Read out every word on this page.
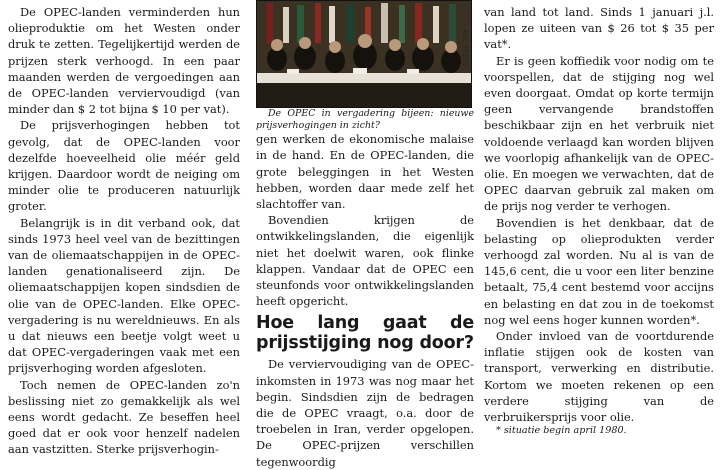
De OPEC-landen verminderden hun olieproduktie om het Westen onder druk te zetten. Tegelijkertijd werden de prijzen sterk verhoogd. In een paar maanden werden de vergoedingen aan de OPEC-landen verviervoudigd (van minder dan $ 2 tot bijna $ 10 per vat).

De prijsverhogingen hebben tot gevolg, dat de OPEC-landen voor dezelfde hoeveelheid olie méér geld krijgen. Daardoor wordt de neiging om minder olie te produceren natuurlijk groter.

Belangrijk is in dit verband ook, dat sinds 1973 heel veel van de bezittingen van de oliemaatschappijen in de OPEC-landen genationaliseerd zijn. De oliemaatschappijen kopen sindsdien de olie van de OPEC-landen. Elke OPEC-vergadering is nu wereldnieuws. En als u dat nieuws een beetje volgt weet u dat OPEC-vergaderingen vaak met een prijsverhoging worden afgesloten.

Toch nemen de OPEC-landen zo'n beslissing niet zo gemakkelijk als wel eens wordt gedacht. Ze beseffen heel goed dat er ook voor henzelf nadelen aan vastzitten. Sterke prijsverhogin-

ABC PRESS

De OPEC in vergadering bijeen: nieuwe prijsverhogingen in zicht?

gen werken de ekonomische malaise in de hand. En de OPEC-landen, die grote beleggingen in het Westen hebben, worden daar mede zelf het slachtoffer van.

Bovendien krijgen de ontwikkelingslanden, die eigenlijk niet het doelwit waren, ook flinke klappen. Vandaar dat de OPEC een steunfonds voor ontwikkelingslanden heeft opgericht.

Hoe lang gaat de prijsstijging nog door?

De verviervoudiging van de OPEC-inkomsten in 1973 was nog maar het begin. Sindsdien zijn de bedragen die de OPEC vraagt, o.a. door de troebelen in Iran, verder opgelopen. De OPEC-prijzen verschillen tegenwoordig

van land tot land. Sinds 1 januari j.l. lopen ze uiteen van $ 26 tot $ 35 per vat*.

Er is geen koffiedik voor nodig om te voorspellen, dat de stijging nog wel even doorgaat. Omdat op korte termijn geen vervangende brandstoffen beschikbaar zijn en het verbruik niet voldoende verlaagd kan worden blijven we voorlopig afhankelijk van de OPEC-olie. En moegen we verwachten, dat de OPEC daarvan gebruik zal maken om de prijs nog verder te verhogen.

Bovendien is het denkbaar, dat de belasting op olieprodukten verder verhoogd zal worden. Nu al is van de 145,6 cent, die u voor een liter benzine betaalt, 75,4 cent bestemd voor accijns en belasting en dat zou in de toekomst nog wel eens hoger kunnen worden*.

Onder invloed van de voortdurende inflatie stijgen ook de kosten van transport, verwerking en distributie. Kortom we moeten rekenen op een verdere stijging van de verbruikersprijs voor olie.

* situatie begin april 1980.
